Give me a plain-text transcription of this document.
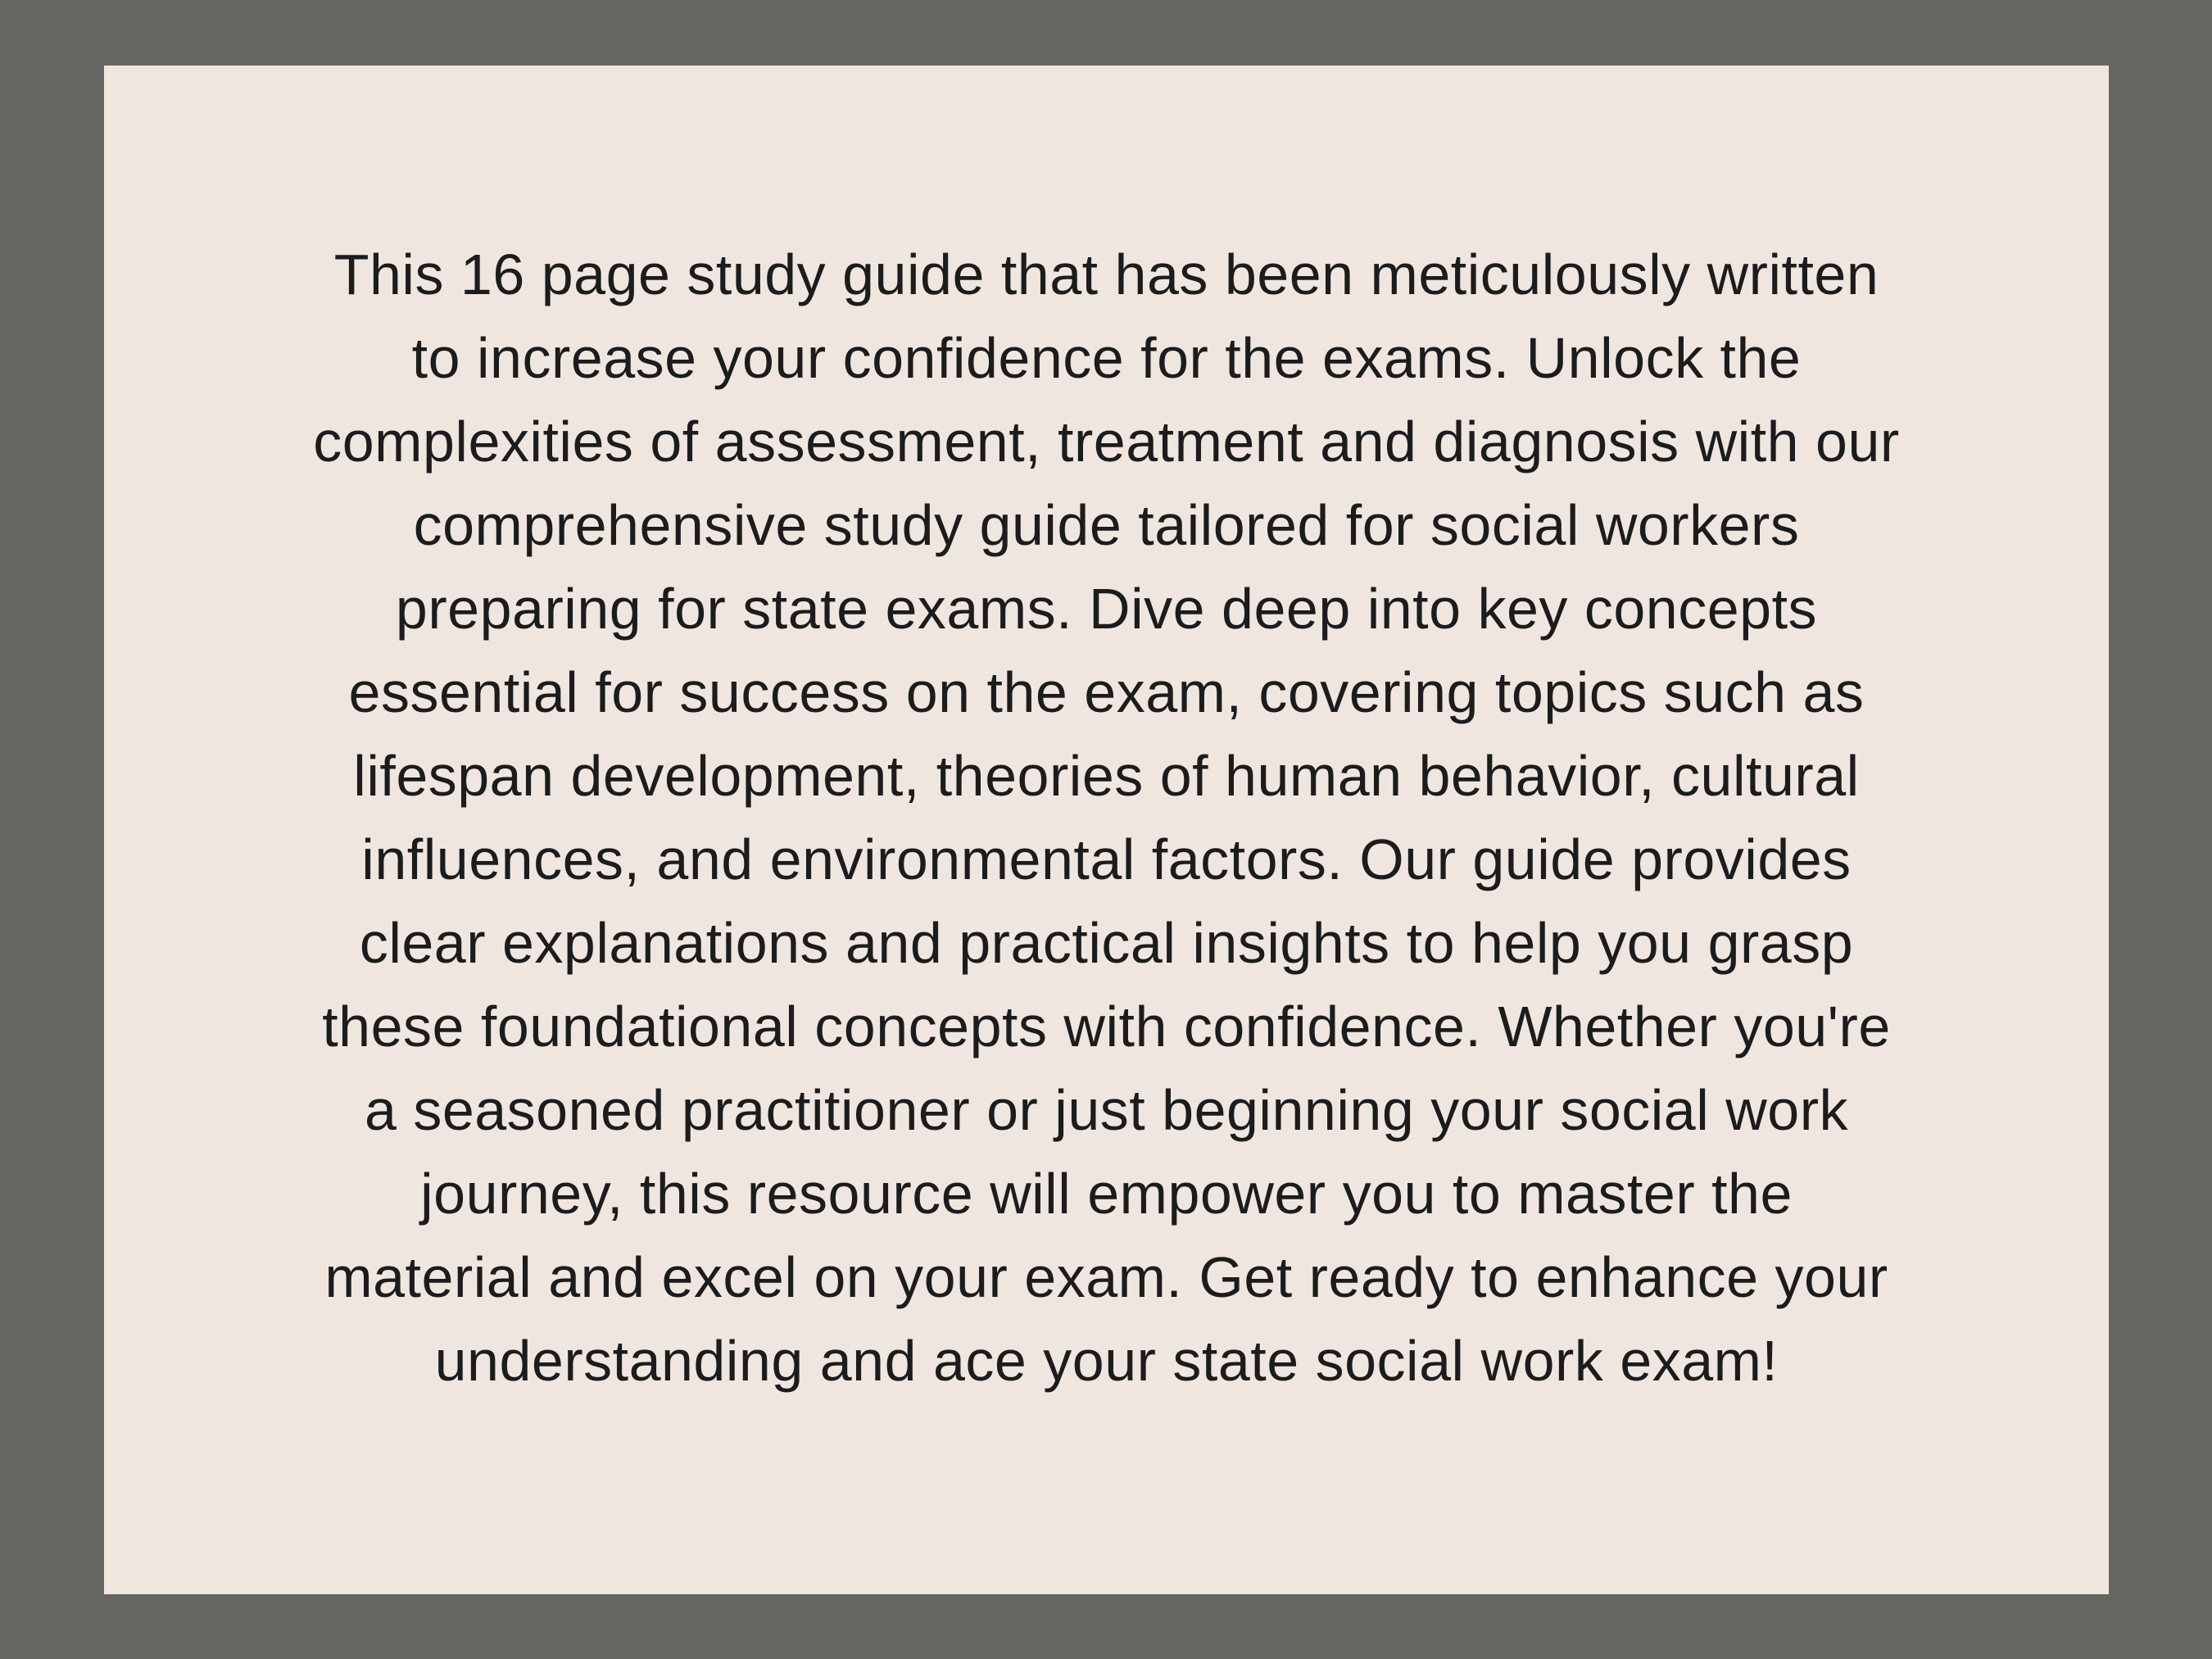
This 16 page study guide that has been meticulously written
to increase your confidence for the exams. Unlock the
complexities of assessment, treatment and diagnosis with our
comprehensive study guide tailored for social workers
preparing for state exams. Dive deep into key concepts
essential for success on the exam, covering topics such as
lifespan development, theories of human behavior, cultural
influences, and environmental factors. Our guide provides
clear explanations and practical insights to help you grasp
these foundational concepts with confidence. Whether you're
a seasoned practitioner or just beginning your social work
journey, this resource will empower you to master the
material and excel on your exam. Get ready to enhance your
understanding and ace your state social work exam!
